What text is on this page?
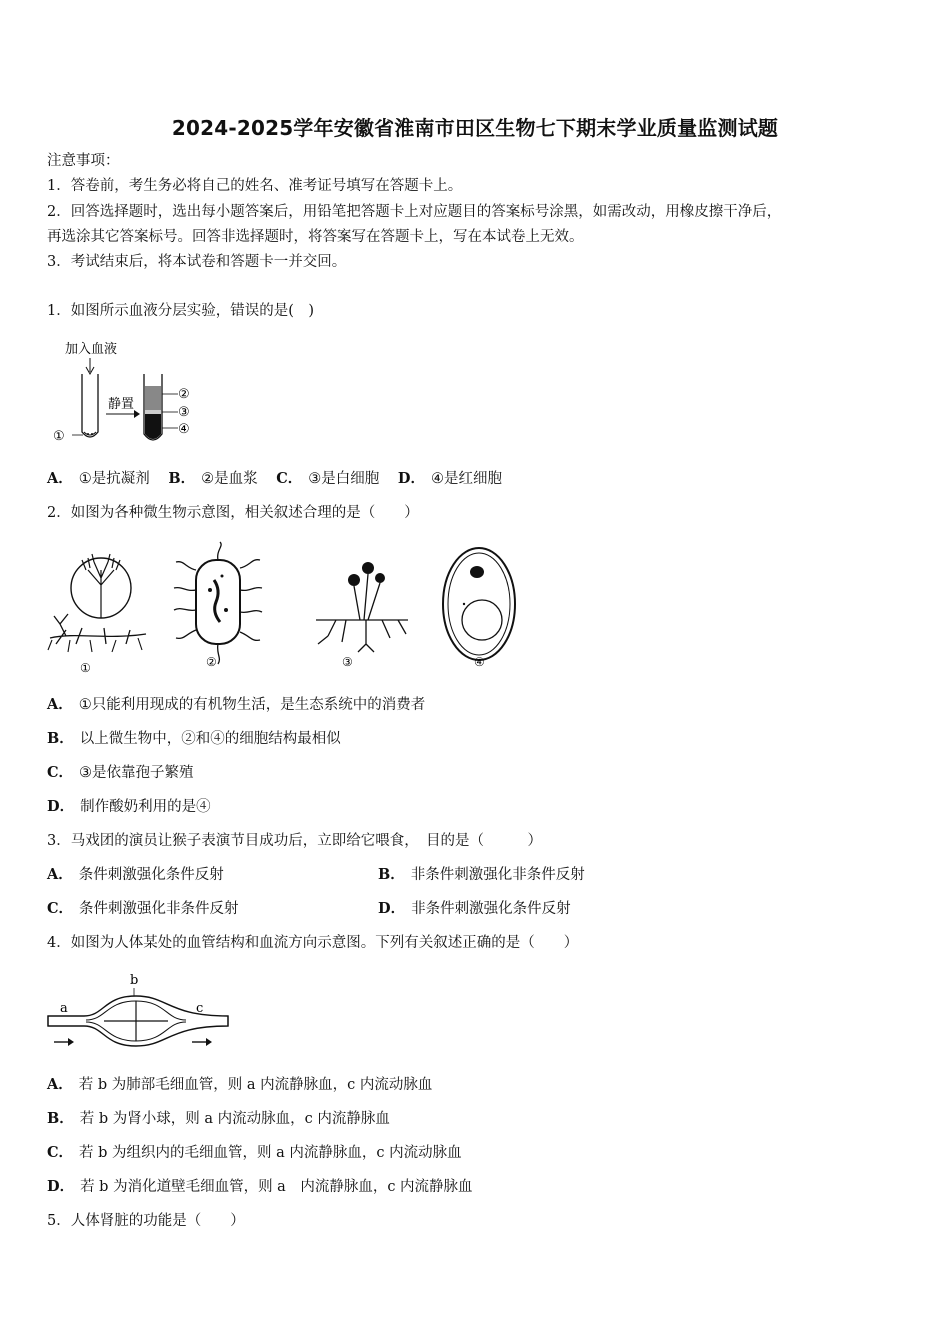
2024-2025学年安徽省淮南市田区生物七下期末学业质量监测试题
注意事项：
1．答卷前，考生务必将自己的姓名、准考证号填写在答题卡上。
2．回答选择题时，选出每小题答案后，用铅笔把答题卡上对应题目的答案标号涂黑，如需改动，用橡皮擦干净后，
再选涂其它答案标号。回答非选择题时，将答案写在答题卡上，写在本试卷上无效。
3．考试结束后，将本试卷和答题卡一并交回。
1．如图所示血液分层实验，错误的是(　)
加入血液
①
静置
②
③
④
A． ①是抗凝剂 B． ②是血浆 C． ③是白细胞 D． ④是红细胞
2．如图为各种微生物示意图，相关叙述合理的是（　　）
①	②	③	④
A． ①只能利用现成的有机物生活，是生态系统中的消费者
B． 以上微生物中，②和④的细胞结构最相似
C． ③是依靠孢子繁殖
D． 制作酸奶利用的是④
3．马戏团的演员让猴子表演节目成功后，立即给它喂食，　目的是（　　　）
A． 条件刺激强化条件反射	B． 非条件刺激强化非条件反射
C． 条件刺激强化非条件反射	D． 非条件刺激强化条件反射
4．如图为人体某处的血管结构和血流方向示意图。下列有关叙述正确的是（　　）
b
a	c
A． 若 b 为肺部毛细血管，则 a 内流静脉血，c 内流动脉血
B． 若 b 为肾小球，则 a 内流动脉血，c 内流静脉血
C． 若 b 为组织内的毛细血管，则 a 内流静脉血，c 内流动脉血
D． 若 b 为消化道壁毛细血管，则 a　内流静脉血，c 内流静脉血
5．人体肾脏的功能是（　　）
